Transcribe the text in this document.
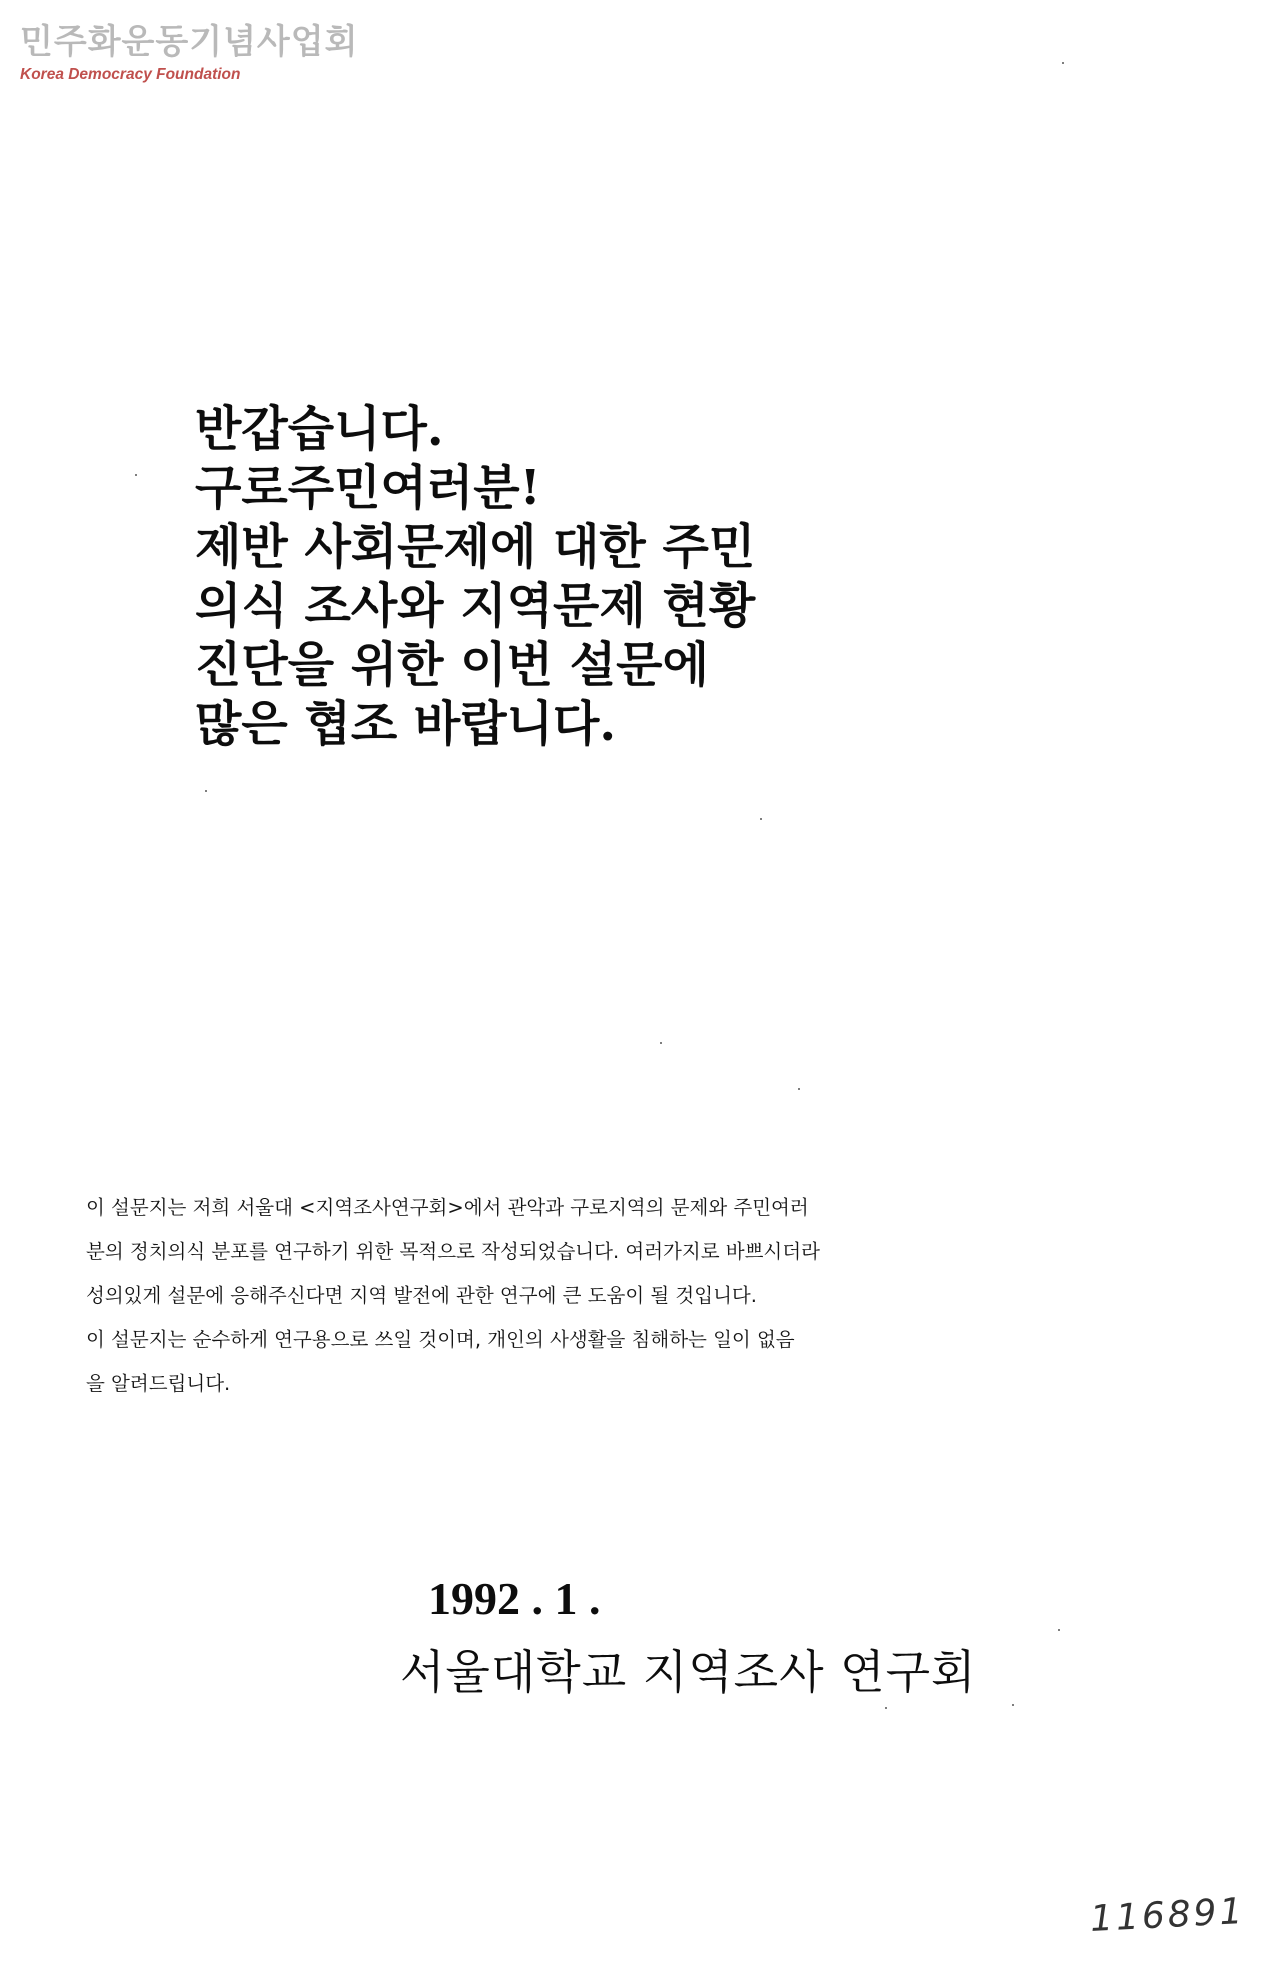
민주화운동기념사업회
Korea Democracy Foundation
반갑습니다.
구로주민여러분!
제반 사회문제에 대한 주민
의식 조사와 지역문제 현황
진단을 위한 이번 설문에
많은 협조 바랍니다.
이 설문지는 저희 서울대 <지역조사연구회>에서 관악과 구로지역의 문제와 주민여러
분의 정치의식 분포를 연구하기 위한 목적으로 작성되었습니다. 여러가지로 바쁘시더라
성의있게 설문에 응해주신다면 지역 발전에 관한 연구에 큰 도움이 될 것입니다.
이 설문지는 순수하게 연구용으로 쓰일 것이며, 개인의 사생활을 침해하는 일이 없음
을 알려드립니다.
1992 . 1 .
서울대학교 지역조사 연구회
116891
